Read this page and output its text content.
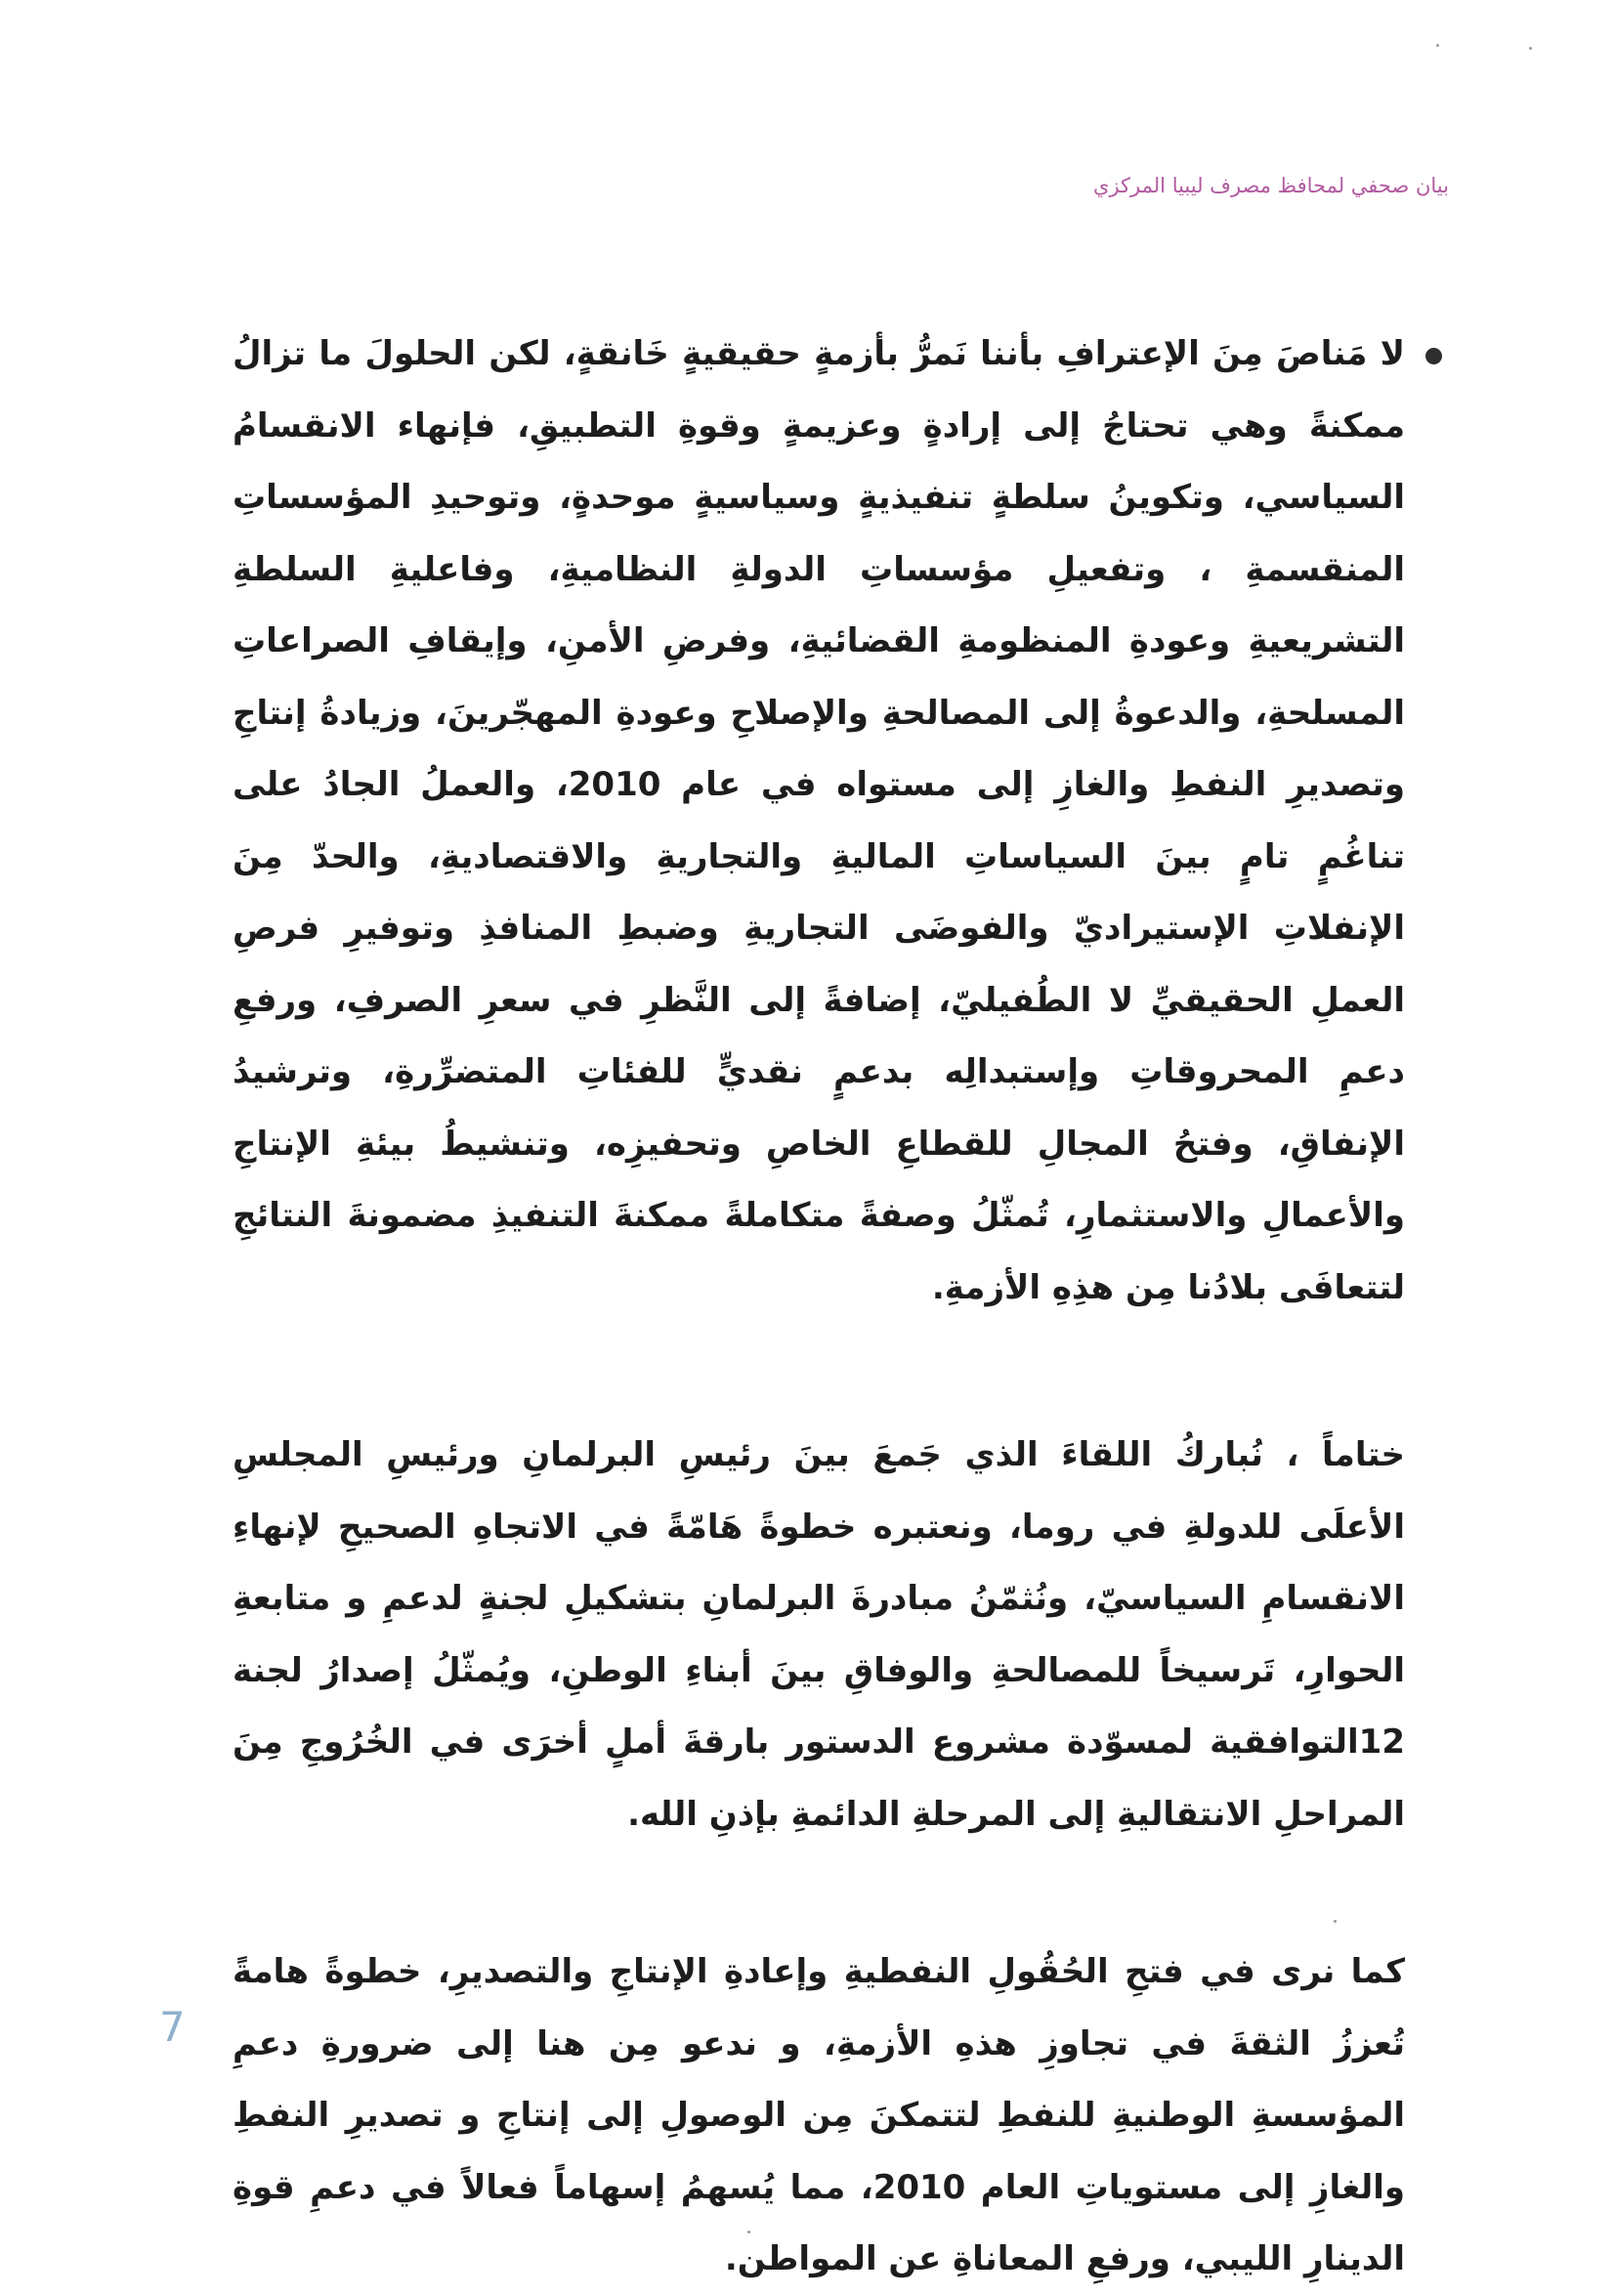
بيان صحفي لمحافظ مصرف ليبيا المركزي

لا مَناصَ مِنَ الإعترافِ بأننا نَمرُّ بأزمةٍ حقيقيةٍ خَانقةٍ، لكن الحلولَ ما تزالُ ممكنةً وهي تحتاجُ إلى إرادةٍ وعزيمةٍ وقوةِ التطبيقِ، فإنهاء الانقسامُ السياسي، وتكوينُ سلطةٍ تنفيذيةٍ وسياسيةٍ موحدةٍ، وتوحيدِ المؤسساتِ المنقسمةِ ، وتفعيلِ مؤسساتِ الدولةِ النظاميةِ، وفاعليةِ السلطةِ التشريعيةِ وعودةِ المنظومةِ القضائيةِ، وفرضِ الأمنِ، وإيقافِ الصراعاتِ المسلحةِ، والدعوةُ إلى المصالحةِ والإصلاحِ وعودةِ المهجّرينَ، وزيادةُ إنتاجِ وتصديرِ النفطِ والغازِ إلى مستواه في عام 2010، والعملُ الجادُ على تناغُمٍ تامٍ بينَ السياساتِ الماليةِ والتجاريةِ والاقتصاديةِ، والحدّ مِنَ الإنفلاتِ الإستيراديّ والفوضَى التجاريةِ وضبطِ المنافذِ وتوفيرِ فرصِ العملِ الحقيقيِّ لا الطُفيليّ، إضافةً إلى النَّظرِ في سعرِ الصرفِ، ورفعِ دعمِ المحروقاتِ وإستبدالِه بدعمٍ نقديٍّ للفئاتِ المتضرِّرةِ، وترشيدُ الإنفاقِ، وفتحُ المجالِ للقطاعِ الخاصِ وتحفيزِه، وتنشيطُ بيئةِ الإنتاجِ والأعمالِ والاستثمارِ، تُمثّلُ وصفةً متكاملةً ممكنةَ التنفيذِ مضمونةَ النتائجِ لتتعافَى بلادُنا مِن هذِهِ الأزمةِ.

ختاماً ، نُباركُ اللقاءَ الذي جَمعَ بينَ رئيسِ البرلمانِ ورئيسِ المجلسِ الأعلَى للدولةِ في روما، ونعتبره خطوةً هَامّةً في الاتجاهِ الصحيحِ لإنهاءِ الانقسامِ السياسيّ، ونُثمّنُ مبادرةَ البرلمانِ بتشكيلِ لجنةٍ لدعمِ و متابعةِ الحوارِ، تَرسيخاً للمصالحةِ والوفاقِ بينَ أبناءِ الوطنِ، ويُمثّلُ إصدارُ لجنة 12التوافقية لمسوّدة مشروع الدستور بارقةَ أملٍ أخرَى في الخُرُوجِ مِنَ المراحلِ الانتقاليةِ إلى المرحلةِ الدائمةِ بإذنِ الله.

كما نرى في فتحِ الحُقُولِ النفطيةِ وإعادةِ الإنتاجِ والتصديرِ، خطوةً هامةً تُعززُ الثقةَ في تجاوزِ هذهِ الأزمةِ، و ندعو مِن هنا إلى ضرورةِ دعمِ المؤسسةِ الوطنيةِ للنفطِ لتتمكنَ مِن الوصولِ إلى إنتاجِ و تصديرِ النفطِ والغازِ إلى مستوياتِ العام 2010، مما يُسهمُ إسهاماً فعالاً في دعمِ قوةِ الدينارِ الليبي، ورفعِ المعاناةِ عن المواطن.

7
